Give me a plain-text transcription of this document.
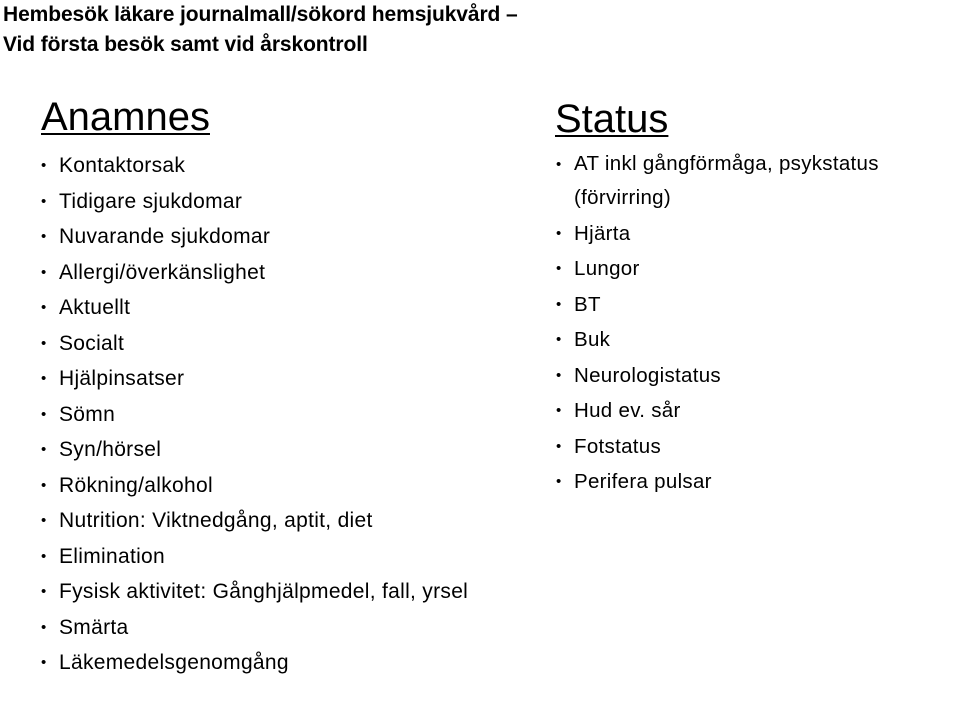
Hembesök läkare journalmall/sökord hemsjukvård –
Vid första besök samt vid årskontroll
Anamnes
• Kontaktorsak
• Tidigare sjukdomar
• Nuvarande sjukdomar
• Allergi/överkänslighet
• Aktuellt
• Socialt
• Hjälpinsatser
• Sömn
• Syn/hörsel
• Rökning/alkohol
• Nutrition: Viktnedgång, aptit, diet
• Elimination
• Fysisk aktivitet: Gånghjälpmedel, fall, yrsel
• Smärta
• Läkemedelsgenomgång
Status
• AT inkl gångförmåga, psykstatus (förvirring)
• Hjärta
• Lungor
• BT
• Buk
• Neurologistatus
• Hud ev. sår
• Fotstatus
• Perifera pulsar
